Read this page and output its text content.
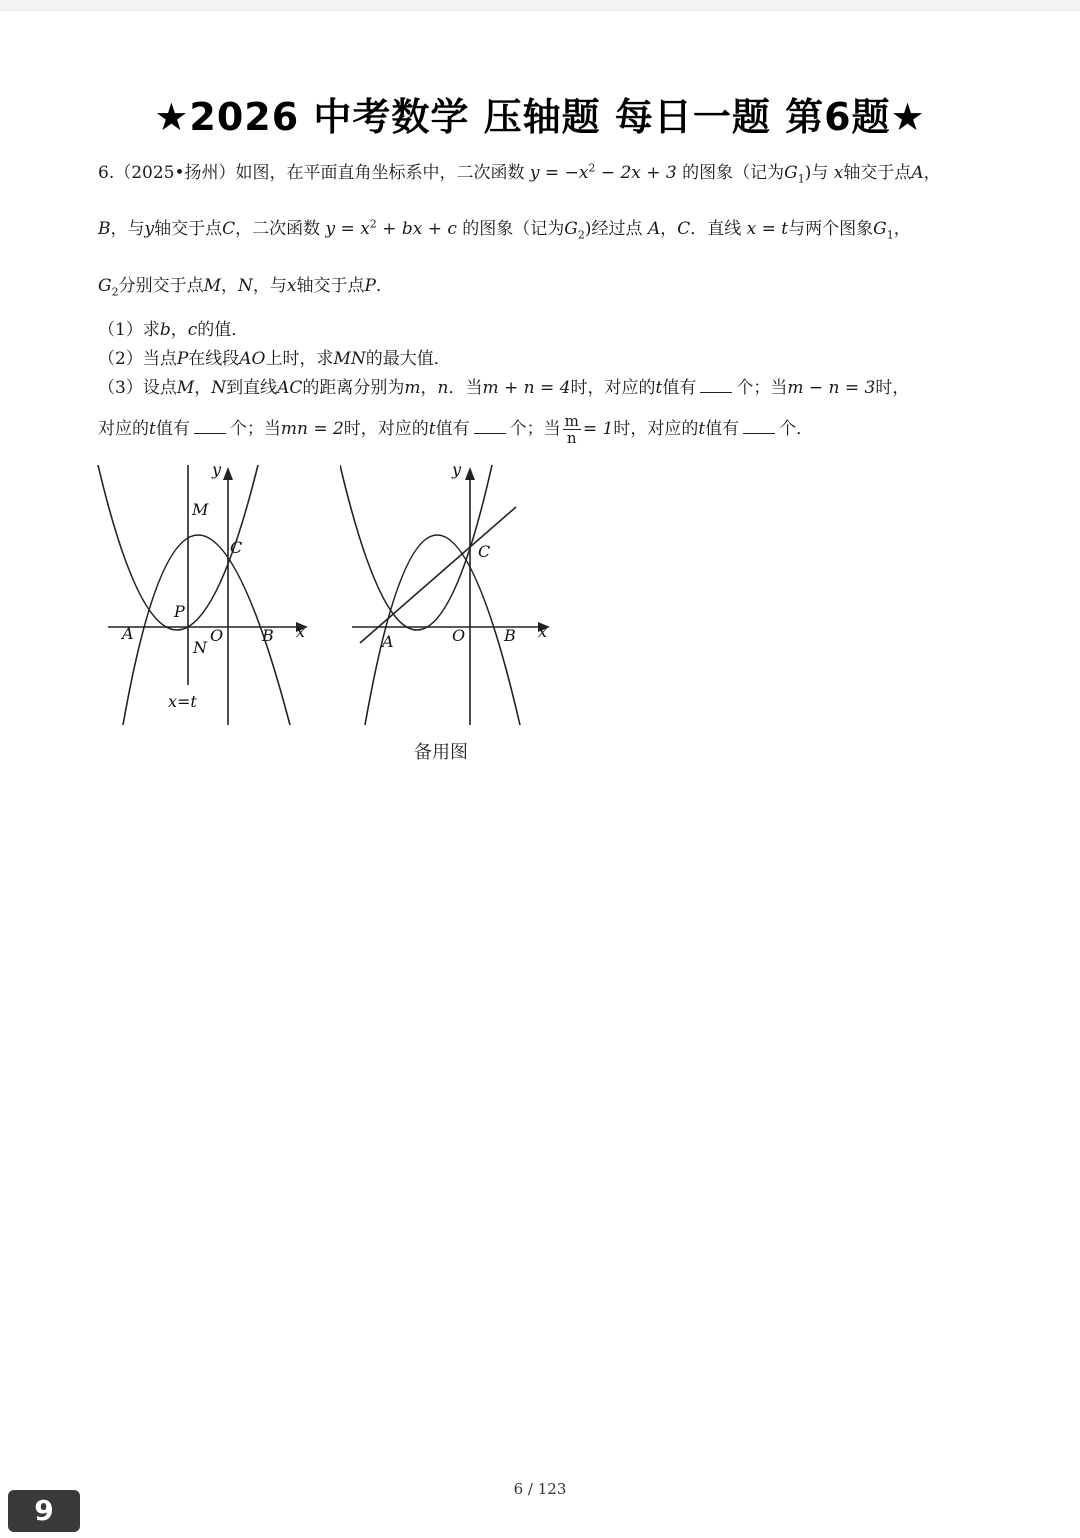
★2026 中考数学 压轴题 每日一题 第6题★
6.（2025•扬州）如图，在平面直角坐标系中，二次函数 $y = -x^2 - 2x + 3$ 的图象（记为$G_1$)与 x轴交于点A，
B，与y轴交于点C，二次函数 $y = x^2$ + bx + c 的图象（记为$G_2$)经过点 A，C．直线 x = t与两个图象$G_1$，
$G_2$分别交于点M，N，与x轴交于点P．
（1）求b，c的值．
（2）当点P在线段AO上时，求MN的最大值．
（3）设点M，N到直线AC的距离分别为m，n．当m + n = 4时，对应的t值有 个；当m − n = 3时，
对应的t值有 个；当mn = 2时，对应的t值有 个；当 $\frac{m}{n} = 1$时，对应的t值有 个．
y
M
C
P
A	O
N
B x
x=t
y
C
A	O B x
备用图
6 / 123
9
